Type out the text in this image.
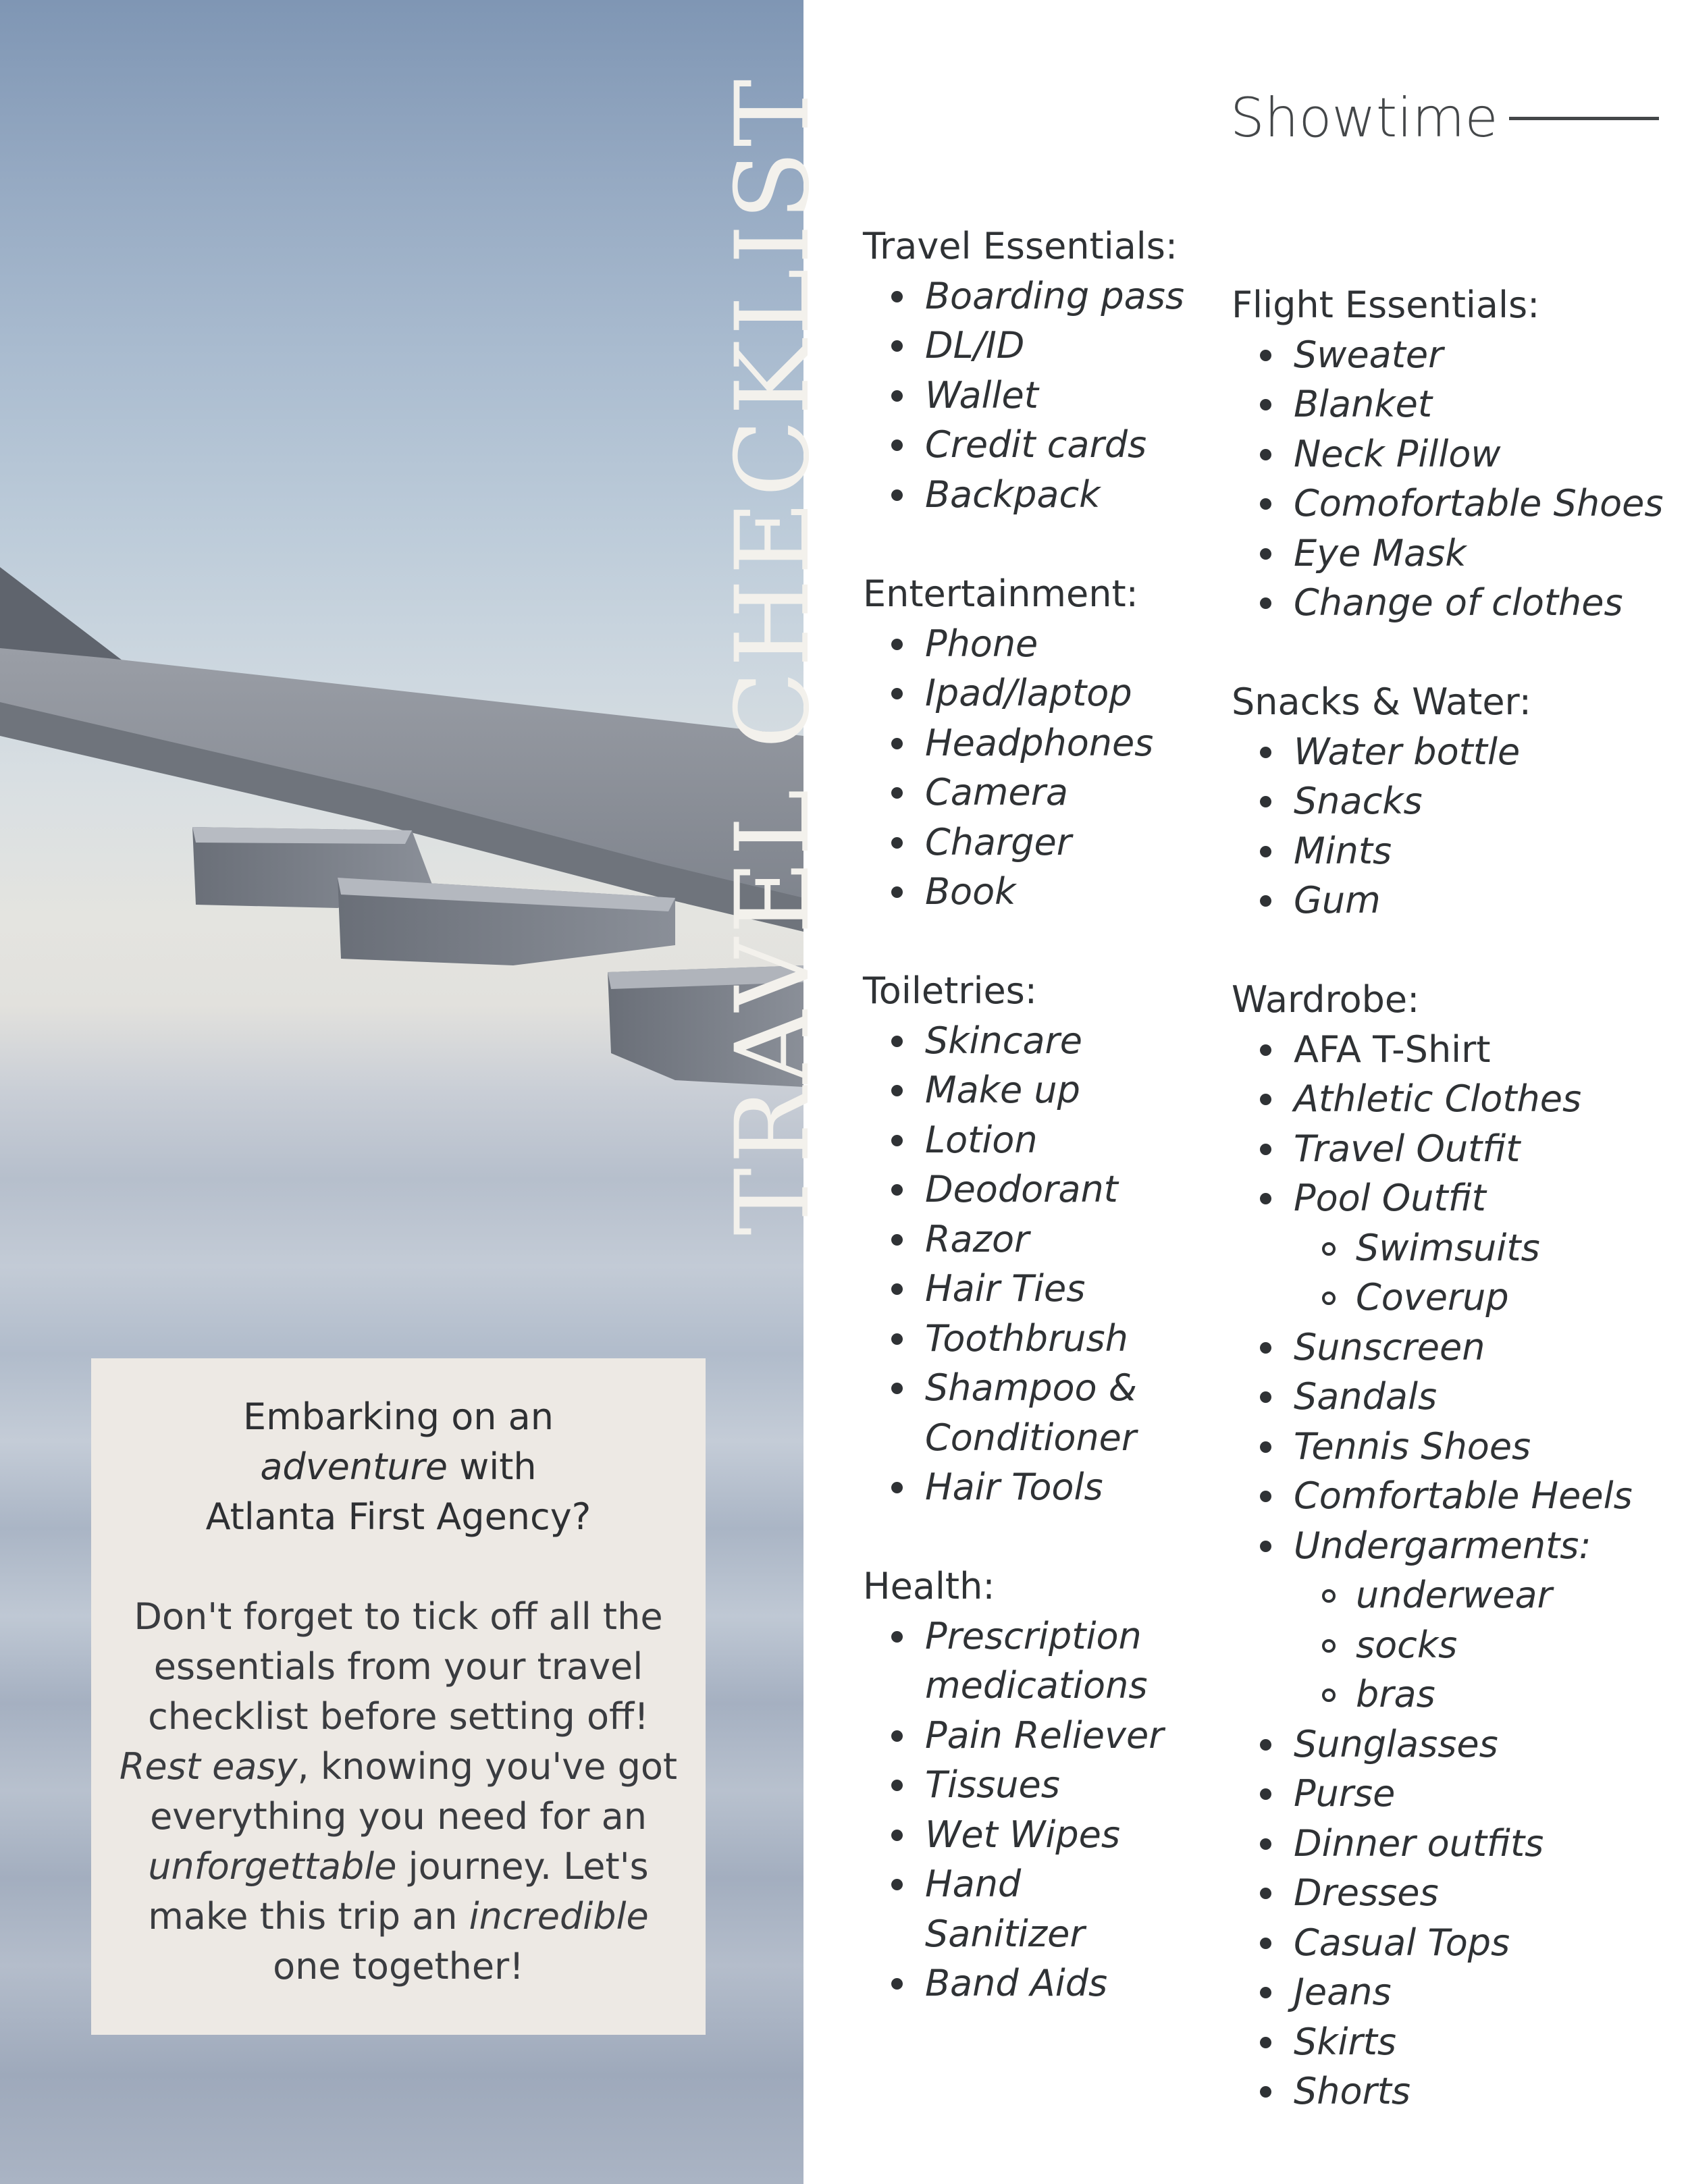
TRAVEL CHECKLIST

Embarking on an

adventure with

Atlanta First Agency?

Don't forget to tick off all the essentials from your travel checklist before setting off! Rest easy, knowing you've got everything you need for an unforgettable journey. Let's make this trip an incredible one together!

Showtime
Travel Essentials:
Boarding pass
DL/ID
Wallet
Credit cards
Backpack
Entertainment:
Phone
Ipad/laptop
Headphones
Camera
Charger
Book
Toiletries:
Skincare
Make up
Lotion
Deodorant
Razor
Hair Ties
Toothbrush
Shampoo & Conditioner
Hair Tools
Health:
Prescription medications
Pain Reliever
Tissues
Wet Wipes
Hand Sanitizer
Band Aids
Flight Essentials:
Sweater
Blanket
Neck Pillow
Comofortable Shoes
Eye Mask
Change of clothes
Snacks & Water:
Water bottle
Snacks
Mints
Gum
Wardrobe:
AFA T-Shirt
Athletic Clothes
Travel Outfit
Pool Outfit
Swimsuits
Coverup
Sunscreen
Sandals
Tennis Shoes
Comfortable Heels
Undergarments:
underwear
socks
bras
Sunglasses
Purse
Dinner outfits
Dresses
Casual Tops
Jeans
Skirts
Shorts
